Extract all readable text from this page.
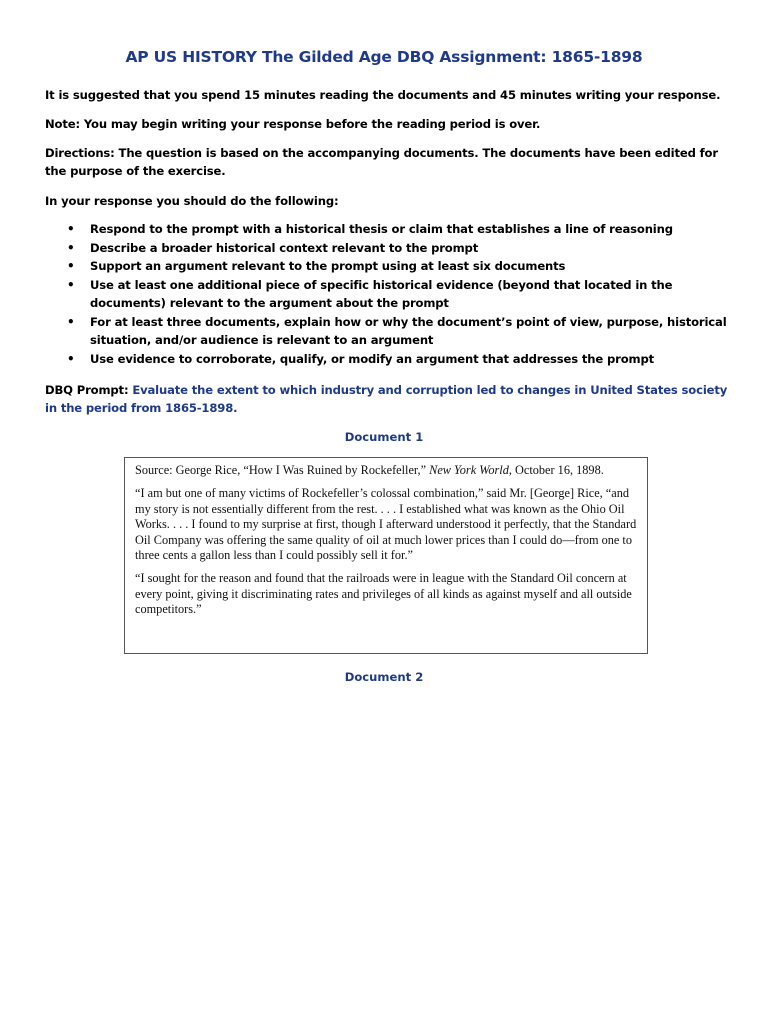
AP US HISTORY The Gilded Age DBQ Assignment: 1865-1898
It is suggested that you spend 15 minutes reading the documents and 45 minutes writing your response.
Note: You may begin writing your response before the reading period is over.
Directions: The question is based on the accompanying documents. The documents have been edited for the purpose of the exercise.
In your response you should do the following:
• Respond to the prompt with a historical thesis or claim that establishes a line of reasoning
• Describe a broader historical context relevant to the prompt
• Support an argument relevant to the prompt using at least six documents
• Use at least one additional piece of specific historical evidence (beyond that located in the documents) relevant to the argument about the prompt
• For at least three documents, explain how or why the document’s point of view, purpose, historical situation, and/or audience is relevant to an argument
• Use evidence to corroborate, qualify, or modify an argument that addresses the prompt
DBQ Prompt: Evaluate the extent to which industry and corruption led to changes in United States society in the period from 1865-1898.
Document 1

Source: George Rice, “How I Was Ruined by Rockefeller,” New York World, October 16, 1898.

“I am but one of many victims of Rockefeller’s colossal combination,” said Mr. [George] Rice, “and my story is not essentially different from the rest. . . . I established what was known as the Ohio Oil Works. . . . I found to my surprise at first, though I afterward understood it perfectly, that the Standard Oil Company was offering the same quality of oil at much lower prices than I could do—from one to three cents a gallon less than I could possibly sell it for.”

“I sought for the reason and found that the railroads were in league with the Standard Oil concern at every point, giving it discriminating rates and privileges of all kinds as against myself and all outside competitors.”

Document 2
